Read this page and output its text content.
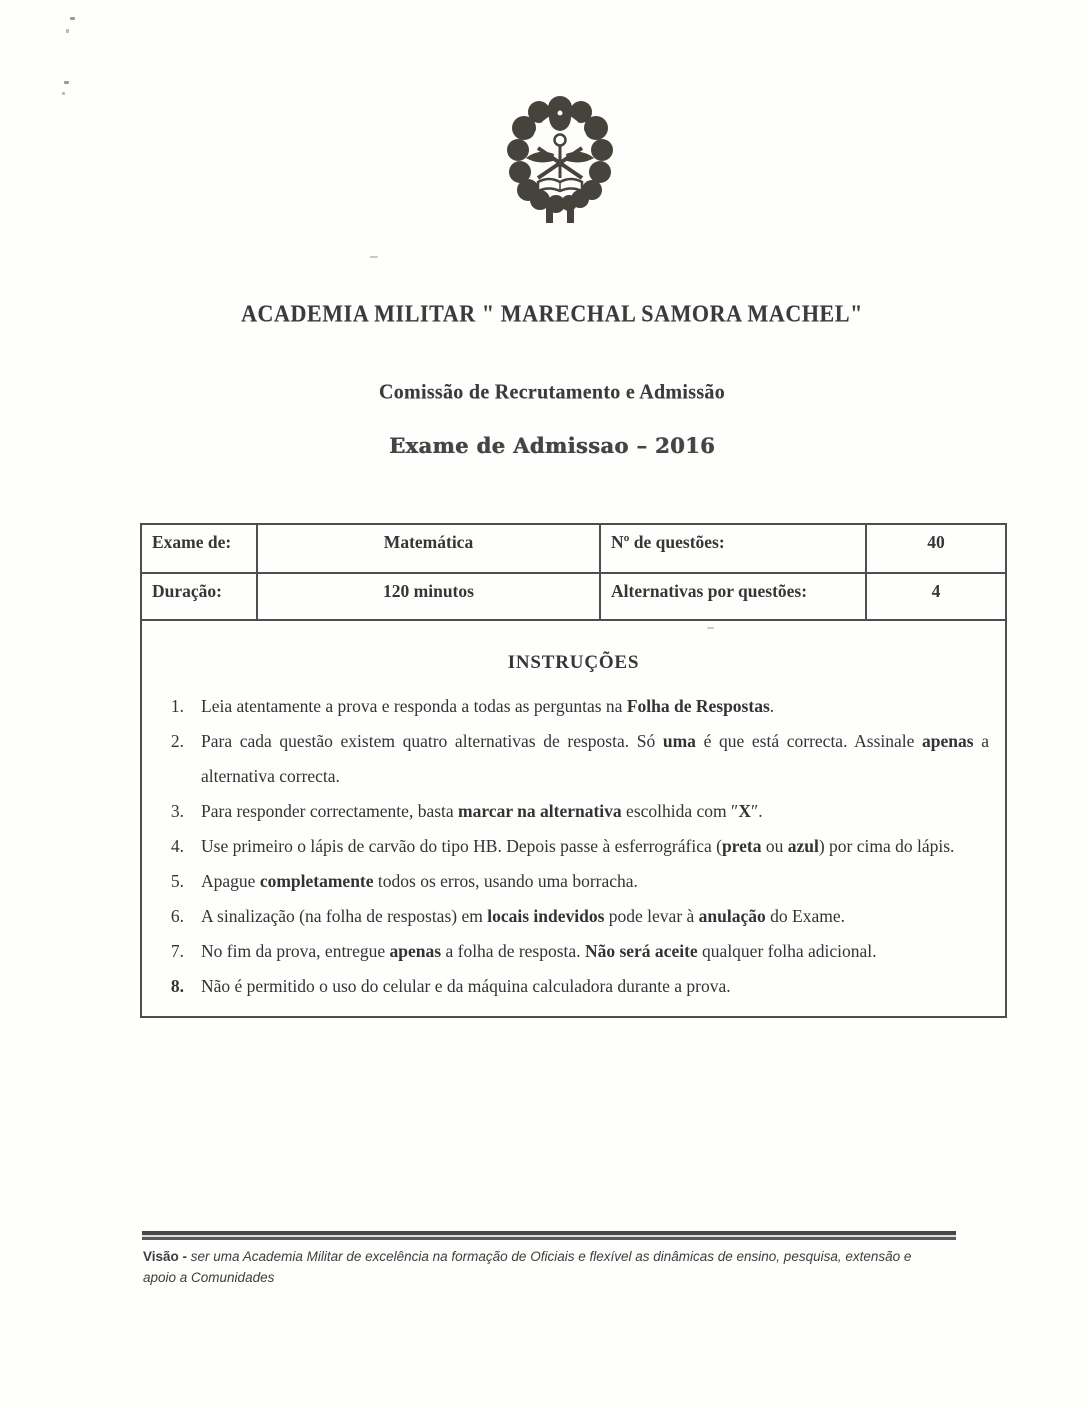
ACADEMIA MILITAR " MARECHAL SAMORA MACHEL"
Comissão de Recrutamento e Admissão
Exame de Admissao – 2016
Exame de:	Matemática	Nº de questões:	40
Duração:	120 minutos	Alternativas por questões:	4
INSTRUÇÕES
1. Leia atentamente a prova e responda a todas as perguntas na Folha de Respostas.
2. Para cada questão existem quatro alternativas de resposta. Só uma é que está correcta. Assinale apenas a alternativa correcta.
3. Para responder correctamente, basta marcar na alternativa escolhida com ″X″.
4. Use primeiro o lápis de carvão do tipo HB. Depois passe à esferrográfica (preta ou azul) por cima do lápis.
5. Apague completamente todos os erros, usando uma borracha.
6. A sinalização (na folha de respostas) em locais indevidos pode levar à anulação do Exame.
7. No fim da prova, entregue apenas a folha de resposta. Não será aceite qualquer folha adicional.
8. Não é permitido o uso do celular e da máquina calculadora durante a prova.
Visão - ser uma Academia Militar de excelência na formação de Oficiais e flexível as dinâmicas de ensino, pesquisa, extensão e apoio a Comunidades
